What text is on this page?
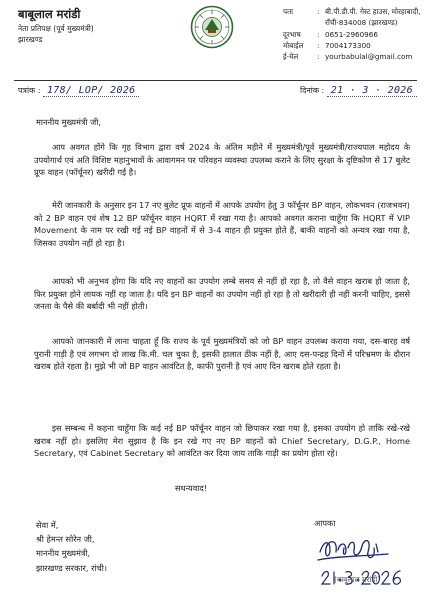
बाबूलाल मरांडी
नेता प्रतिपक्ष (पूर्व मुख्यमंत्री)
झारखण्ड
पता	: बी.पी.डी.पी. गेस्ट हाउस, मोरहाबादी,
राँची-834008 (झारखण्ड)
दूरभाष	: 0651-2960966
मोबाईल	: 7004173300
ई-मेल	: yourbabulal@gmail.com
पत्रांक : 178/ LOP/ 2026	दिनांक : 21 · 3 · 2026
माननीय मुख्यमंत्री जी,
आप अवगत होंगे कि गृह विभाग द्वारा वर्ष 2024 के अंतिम महीने में मुख्यमंत्री/पूर्व मुख्यमंत्री/राज्यपाल महोदय के उपयोगार्थ एवं अति विशिष्ट महानुभावों के आवागमन पर परिवहन व्यवस्था उपलब्ध कराने के लिए सुरक्षा के दृष्टिकोण से 17 बुलेट प्रूफ वाहन (फॉर्चूनर) खरीदी गई है।
मेरी जानकारी के अनुसार इन 17 नए बुलेट प्रूफ वाहनों में आपके उपयोग हेतु 3 फॉर्चूनर BP वाहन, लोकभवन (राजभवन) को 2 BP वाहन एवं शेष 12 BP फॉर्चूनर वाहन HQRT में रखा गया है। आपको अवगत कराना चाहूँगा कि HQRT में VIP Movement के नाम पर रखी गई नई BP वाहनों में से 3-4 वाहन ही प्रयुक्त होते हैं, बाकी वाहनों को अन्यत्र रखा गया है, जिसका उपयोग नहीं हो रहा है।
आपको भी अनुभव होगा कि यदि नए वाहनों का उपयोग लम्बे समय से नहीं हो रहा है, तो वैसे वाहन खराब हो जाता है, फिर प्रयुक्त होने लायक नहीं रह जाता है। यदि इन BP वाहनों का उपयोग नहीं हो रहा है तो खरीदारी ही नहीं करनी चाहिए, इससे जनता के पैसे की बर्बादी भी नहीं होती।
आपको जानकारी में लाना चाहता हूँ कि राज्य के पूर्व मुख्यमंत्रियों को जो BP वाहन उपलब्ध कराया गया, दस-बारह वर्ष पुरानी गाड़ी है एवं लगभग दो लाख कि.मी. चल चुका है, इसकी हालात ठीक नहीं है, आए दस-पन्द्रह दिनों में परिभ्रमण के दौरान खराब होते रहता है। मुझे भी जो BP वाहन आवंटित है, काफी पुरानी है एवं आए दिन खराब होते रहता है।
इस सम्बन्ध में कहना चाहूँगा कि कई नई BP फॉर्चूनर वाहन जो छिपाकर रखा गया है, इसका उपयोग हो ताकि रखे-रखे खराब नहीं हो। इसलिए मेरा सुझाव है कि इन रखे गए नए BP वाहनों को Chief Secretary, D.G.P., Home Secretary, एवं Cabinet Secretary को आवंटित कर दिया जाय ताकि गाड़ी का प्रयोग होता रहे।
सधन्यवाद!
सेवा में,
श्री हेमन्त सोरेन जी,
माननीय मुख्यमंत्री,
झारखण्ड सरकार, रांची।
आपका
(बाबूलाल मरांडी)
